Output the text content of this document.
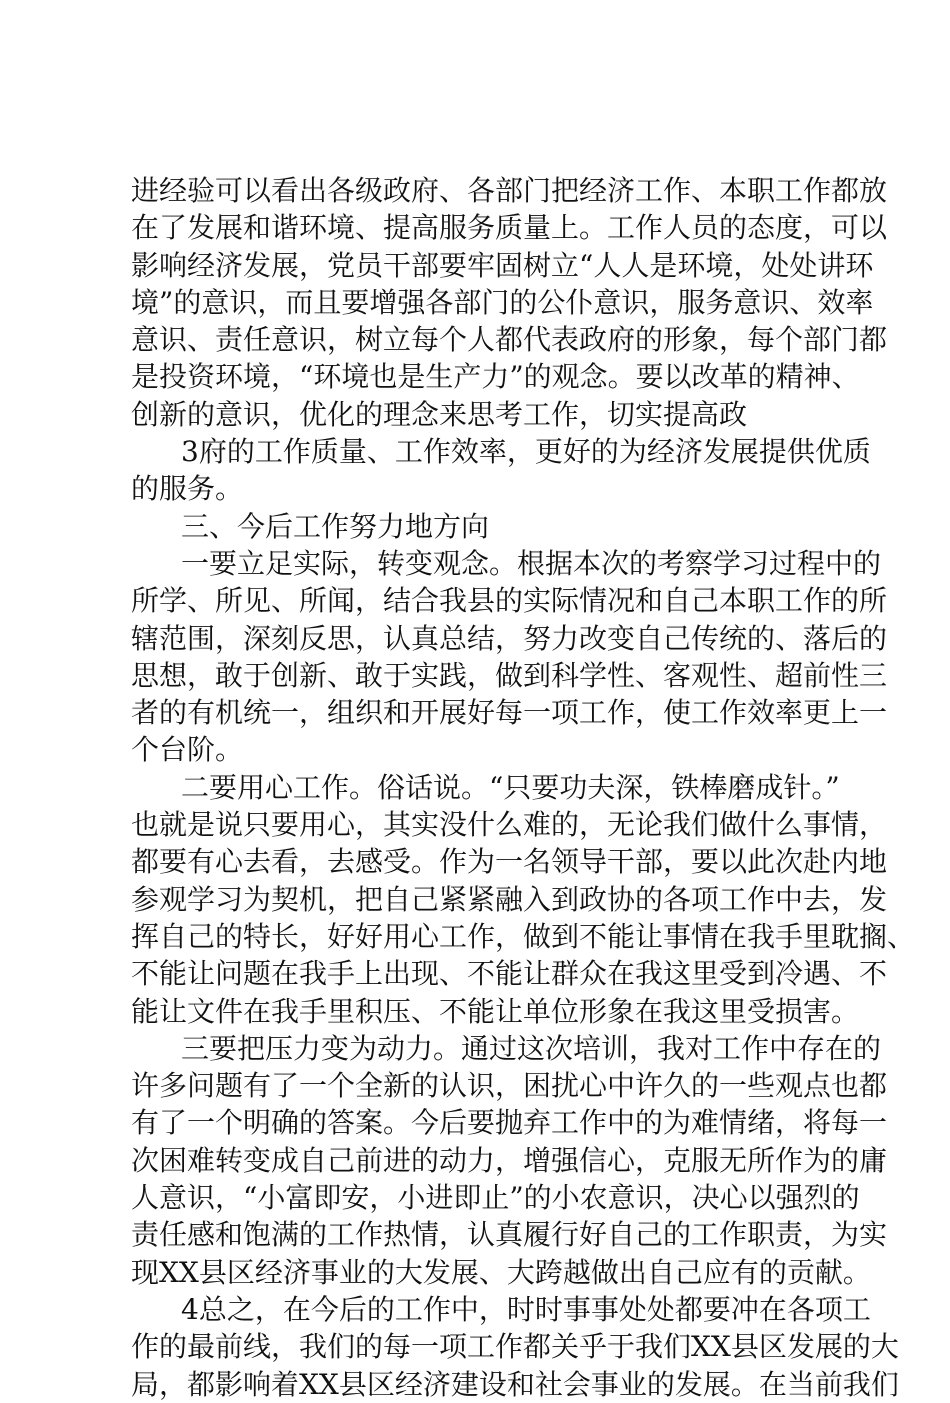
进经验可以看出各级政府、各部门把经济工作、本职工作都放
在了发展和谐环境、提高服务质量上。工作人员的态度，可以
影响经济发展，党员干部要牢固树立“人人是环境，处处讲环
境”的意识，而且要增强各部门的公仆意识，服务意识、效率
意识、责任意识，树立每个人都代表政府的形象，每个部门都
是投资环境，“环境也是生产力”的观念。要以改革的精神、
创新的意识，优化的理念来思考工作，切实提高政
3府的工作质量、工作效率，更好的为经济发展提供优质
的服务。
三、今后工作努力地方向
一要立足实际，转变观念。根据本次的考察学习过程中的
所学、所见、所闻，结合我县的实际情况和自己本职工作的所
辖范围，深刻反思，认真总结，努力改变自己传统的、落后的
思想，敢于创新、敢于实践，做到科学性、客观性、超前性三
者的有机统一，组织和开展好每一项工作，使工作效率更上一
个台阶。
二要用心工作。俗话说。“只要功夫深，铁棒磨成针。”
也就是说只要用心，其实没什么难的，无论我们做什么事情，
都要有心去看，去感受。作为一名领导干部，要以此次赴内地
参观学习为契机，把自己紧紧融入到政协的各项工作中去，发
挥自己的特长，好好用心工作，做到不能让事情在我手里耽搁、
不能让问题在我手上出现、不能让群众在我这里受到冷遇、不
能让文件在我手里积压、不能让单位形象在我这里受损害。
三要把压力变为动力。通过这次培训，我对工作中存在的
许多问题有了一个全新的认识，困扰心中许久的一些观点也都
有了一个明确的答案。今后要抛弃工作中的为难情绪，将每一
次困难转变成自己前进的动力，增强信心，克服无所作为的庸
人意识，“小富即安，小进即止”的小农意识，决心以强烈的
责任感和饱满的工作热情，认真履行好自己的工作职责，为实
现XX县区经济事业的大发展、大跨越做出自己应有的贡献。
4总之，在今后的工作中，时时事事处处都要冲在各项工
作的最前线，我们的每一项工作都关乎于我们XX县区发展的大
局，都影响着XX县区经济建设和社会事业的发展。在当前我们
